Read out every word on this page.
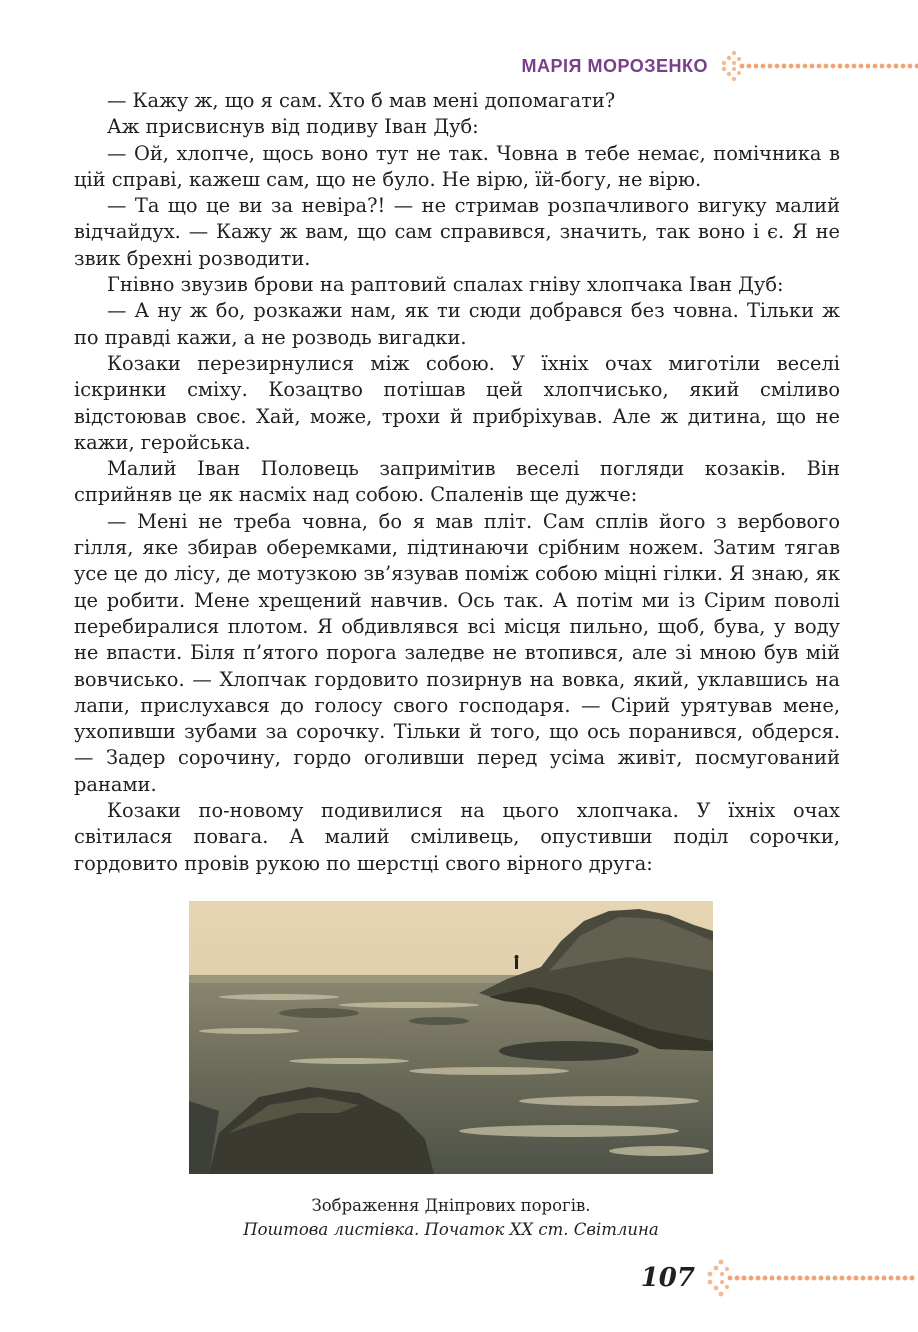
МАРІЯ МОРОЗЕНКО

— Кажу ж, що я сам. Хто б мав мені допомагати?

Аж присвиснув від подиву Іван Дуб:

— Ой, хлопче, щось воно тут не так. Човна в тебе немає, помічника в цій справі, кажеш сам, що не було. Не вірю, їй-богу, не вірю.

— Та що це ви за невіра?! — не стримав розпачливого вигуку малий відчайдух. — Кажу ж вам, що сам справився, значить, так воно і є. Я не звик брехні розводити.

Гнівно звузив брови на раптовий спалах гніву хлопчака Іван Дуб:

— А ну ж бо, розкажи нам, як ти сюди добрався без човна. Тільки ж по правді кажи, а не розводь вигадки.

Козаки перезирнулися між собою. У їхніх очах миготіли веселі іскринки сміху. Козацтво потішав цей хлопчисько, який сміливо відстоював своє. Хай, може, трохи й прибріхував. Але ж дитина, що не кажи, геройська.

Малий Іван Половець запримітив веселі погляди козаків. Він сприйняв це як насміх над собою. Спаленів ще дужче:

— Мені не треба човна, бо я мав пліт. Сам сплів його з вербового гілля, яке збирав оберемками, підтинаючи срібним ножем. Затим тягав усе це до лісу, де мотузкою зв’язував поміж собою міцні гілки. Я знаю, як це робити. Мене хрещений навчив. Ось так. А потім ми із Сірим поволі перебиралися плотом. Я обдивлявся всі місця пильно, щоб, бува, у воду не впасти. Біля п’ятого порога заледве не втопився, але зі мною був мій вовчисько. — Хлопчак гордовито позирнув на вовка, який, уклавшись на лапи, прислухався до голосу свого господаря. — Сірий урятував мене, ухопивши зубами за сорочку. Тільки й того, що ось поранився, обдерся. — Задер сорочину, гордо оголивши перед усіма живіт, посмугований ранами.

Козаки по-новому подивилися на цього хлопчака. У їхніх очах світилася повага. А малий сміливець, опустивши поділ сорочки, гордовито провів рукою по шерстці свого вірного друга:

Зображення Дніпрових порогів.
Поштова листівка. Початок XX ст. Світлина
107
